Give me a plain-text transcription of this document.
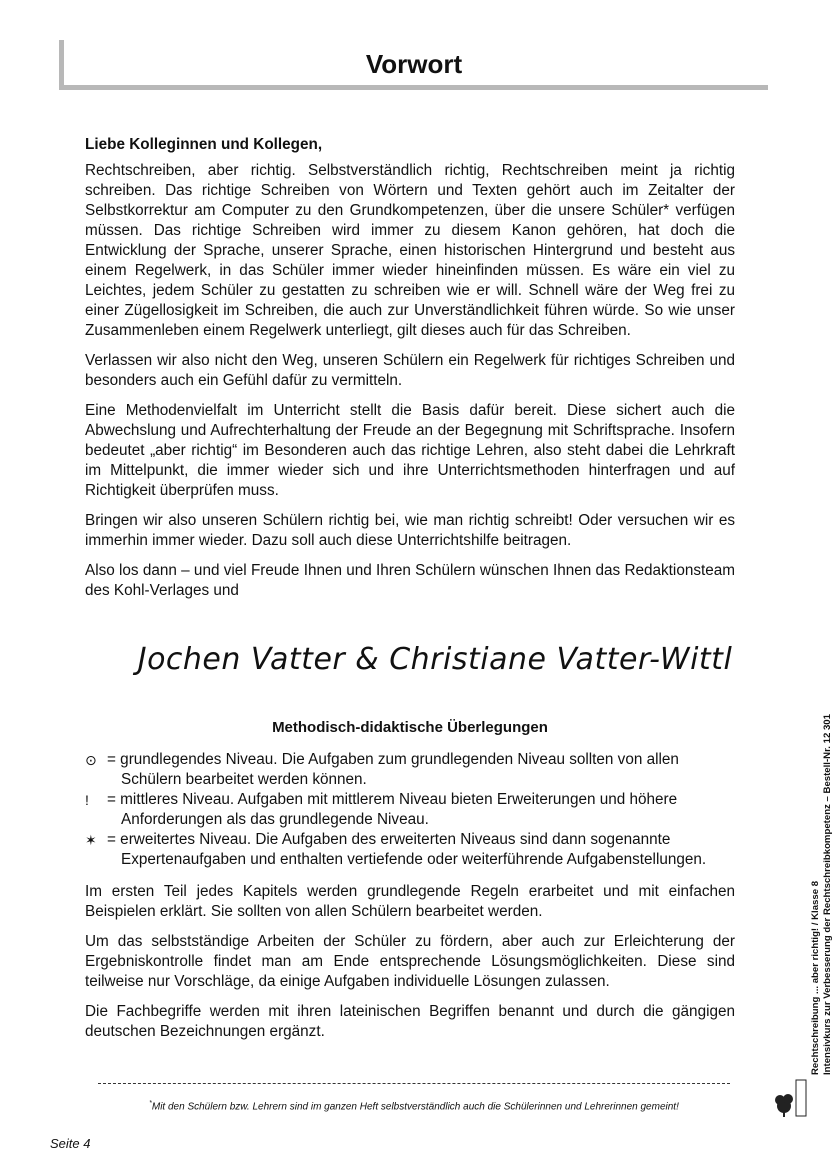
Vorwort

Liebe Kolleginnen und Kollegen,

Rechtschreiben, aber richtig. Selbstverständlich richtig, Rechtschreiben meint ja richtig schreiben. Das richtige Schreiben von Wörtern und Texten gehört auch im Zeitalter der Selbstkorrektur am Computer zu den Grundkompetenzen, über die unsere Schüler* verfügen müssen. Das richtige Schreiben wird immer zu diesem Kanon gehören, hat doch die Entwicklung der Sprache, unserer Sprache, einen historischen Hintergrund und besteht aus einem Regelwerk, in das Schüler immer wieder hineinfinden müssen. Es wäre ein viel zu Leichtes, jedem Schüler zu gestatten zu schreiben wie er will. Schnell wäre der Weg frei zu einer Zügellosigkeit im Schreiben, die auch zur Unverständlichkeit führen würde. So wie unser Zusammenleben einem Regelwerk unterliegt, gilt dieses auch für das Schreiben.

Verlassen wir also nicht den Weg, unseren Schülern ein Regelwerk für richtiges Schreiben und besonders auch ein Gefühl dafür zu vermitteln.

Eine Methodenvielfalt im Unterricht stellt die Basis dafür bereit. Diese sichert auch die Abwechslung und Aufrechterhaltung der Freude an der Begegnung mit Schriftsprache. Insofern bedeutet „aber richtig“ im Besonderen auch das richtige Lehren, also steht dabei die Lehrkraft im Mittelpunkt, die immer wieder sich und ihre Unterrichtsmethoden hinterfragen und auf Richtigkeit überprüfen muss.

Bringen wir also unseren Schülern richtig bei, wie man richtig schreibt! Oder versuchen wir es immerhin immer wieder. Dazu soll auch diese Unterrichtshilfe beitragen.

Also los dann – und viel Freude Ihnen und Ihren Schülern wünschen Ihnen das Redaktionsteam des Kohl-Verlages und

Jochen Vatter & Christiane Vatter-Wittl

Methodisch-didaktische Überlegungen

⊙ = grundlegendes Niveau. Die Aufgaben zum grundlegenden Niveau sollten von allen Schülern bearbeitet werden können.
!	= mittleres Niveau. Aufgaben mit mittlerem Niveau bieten Erweiterungen und höhere Anforderungen als das grundlegende Niveau.
✶ = erweitertes Niveau. Die Aufgaben des erweiterten Niveaus sind dann sogenannte Expertenaufgaben und enthalten vertiefende oder weiterführende Aufgabenstellungen.

Im ersten Teil jedes Kapitels werden grundlegende Regeln erarbeitet und mit einfachen Beispielen erklärt. Sie sollten von allen Schülern bearbeitet werden.

Um das selbstständige Arbeiten der Schüler zu fördern, aber auch zur Erleichterung der Ergebniskontrolle findet man am Ende entsprechende Lösungsmöglichkeiten. Diese sind teilweise nur Vorschläge, da einige Aufgaben individuelle Lösungen zulassen.

Die Fachbegriffe werden mit ihren lateinischen Begriffen benannt und durch die gängigen deutschen Bezeichnungen ergänzt.

*Mit den Schülern bzw. Lehrern sind im ganzen Heft selbstverständlich auch die Schülerinnen und Lehrerinnen gemeint!
Seite 4
Rechtschreibung ... aber richtig! / Klasse 8 Intensivkurs zur Verbesserung der Rechtschreibkompetenz – Bestell-Nr. 12 301
